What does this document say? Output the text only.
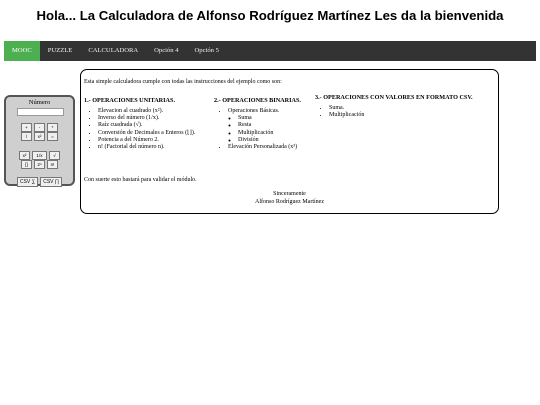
Hola... La Calculadora de Alfonso Rodríguez Martínez Les da la bienvenida
MOOC	PUZZLE	CALCULADORA	Opción 4	Opción 5
Número
+	-	*
/	x²	=
x²	1/x	√
[]	2ⁿ	n!
CSV ∑	CSV ∏
Esta simple calculadora cumple con todas las instrucciones del ejemplo como son:
1.- OPERACIONES UNITARIAS.
• Elevacion al cuadrado (x²).
• Inverso del número (1/x).
• Raíz cuadrada (√).
• Conversión de Decimales a Enteros (⌊⌋).
• Potencia a del Número 2.
• n! (Factorial del número n).
2.- OPERACIONES BINARIAS.
• Operaciones Básicas.
◦ Suma
◦ Resta
◦ Multiplicación
◦ División
• Elevación Personalizada (x³)
3.- OPERACIONES CON VALORES EN FORMATO CSV.
• Suma.
• Multiplicación
Con suerte esto bastará para validar el módulo.
Sinceramente
Alfonso Rodríguez Martínez
